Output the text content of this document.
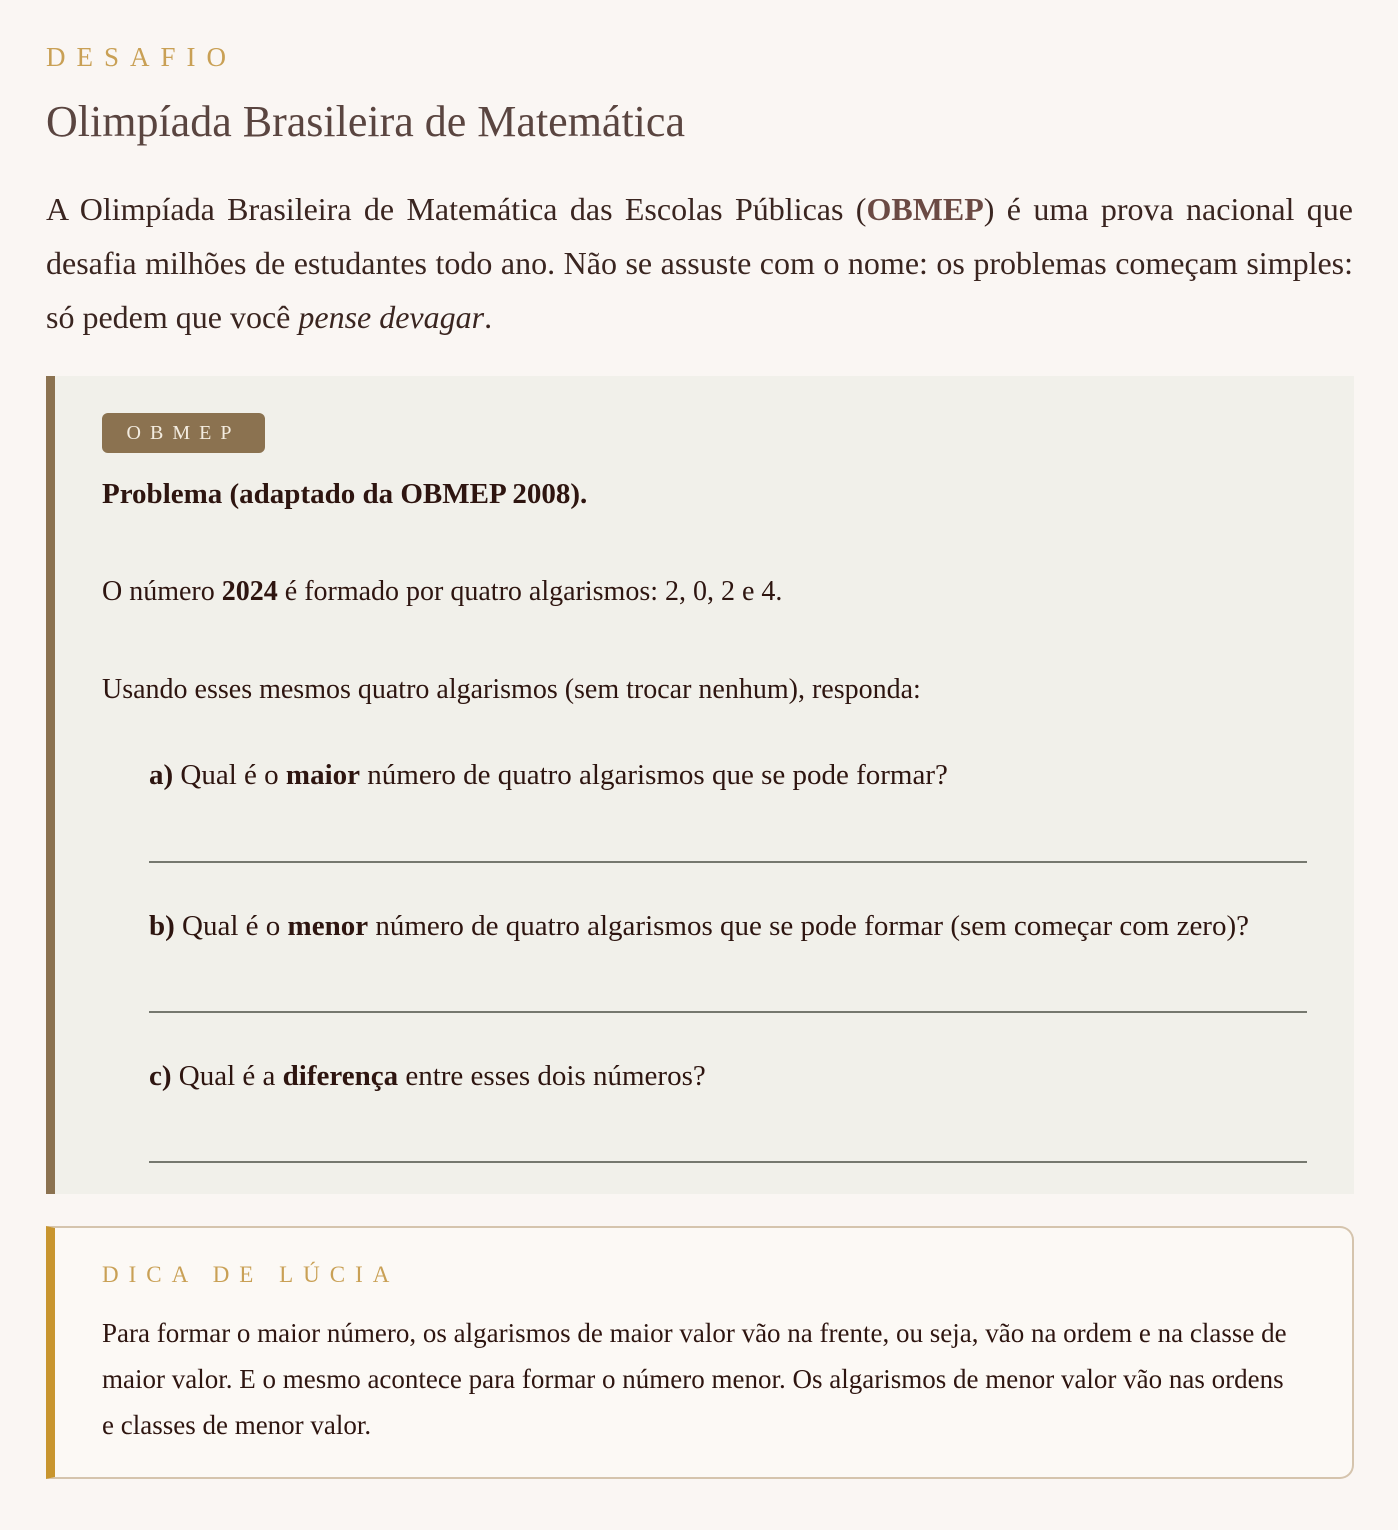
DESAFIO
Olimpíada Brasileira de Matemática

A Olimpíada Brasileira de Matemática das Escolas Públicas (OBMEP) é uma prova nacional que desafia milhões de estudantes todo ano. Não se assuste com o nome: os problemas começam simples: só pedem que você pense devagar.

OBMEP

Problema (adaptado da OBMEP 2008).

O número 2024 é formado por quatro algarismos: 2, 0, 2 e 4.

Usando esses mesmos quatro algarismos (sem trocar nenhum), responda:

a) Qual é o maior número de quatro algarismos que se pode formar?

b) Qual é o menor número de quatro algarismos que se pode formar (sem começar com zero)?

c) Qual é a diferença entre esses dois números?

DICA DE LÚCIA

Para formar o maior número, os algarismos de maior valor vão na frente, ou seja, vão na ordem e na classe de maior valor. E o mesmo acontece para formar o número menor. Os algarismos de menor valor vão nas ordens e classes de menor valor.
